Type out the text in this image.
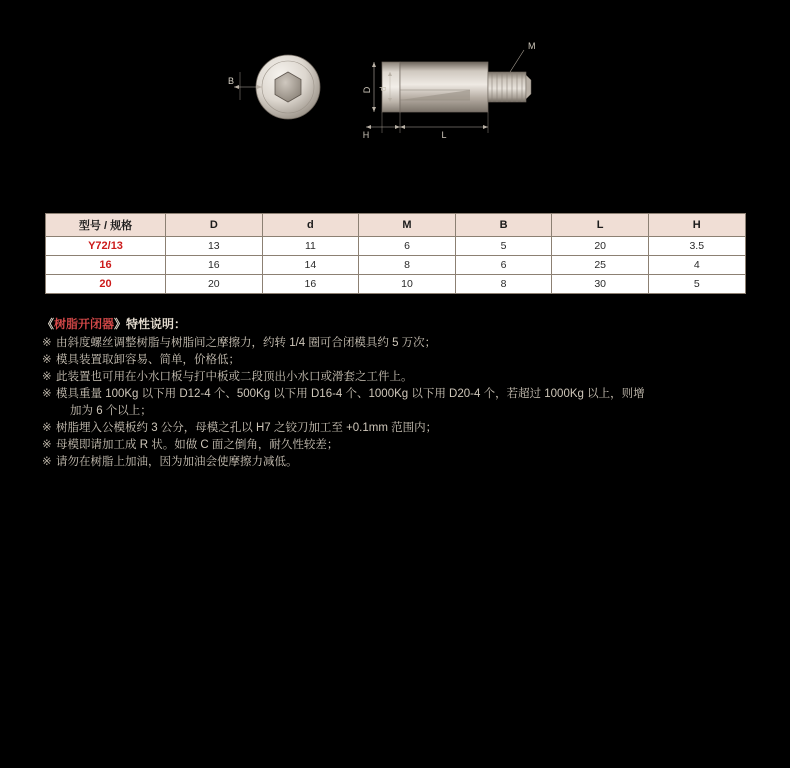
B
M
D d
H	L
型号 / 规格	D	d	M	B	L	H
Y72/13	13	11	6	5	20	3.5
16	16	14	8	6	25	4
20	20	16	10	8	30	5
《树脂开闭器》特性说明：
※ 由斜度螺丝调整树脂与树脂间之摩擦力，约转 1/4 圈可合闭模具约 5 万次；
※ 模具装置取卸容易、简单，价格低；
※ 此装置也可用在小水口板与打中板或二段顶出小水口或滑套之工件上。
※ 模具重量 100Kg 以下用 D12-4 个、500Kg 以下用 D16-4 个、1000Kg 以下用 D20-4 个，若超过 1000Kg 以上，则增
加为 6 个以上；
※ 树脂埋入公模板约 3 公分，母模之孔以 H7 之铰刀加工至 +0.1mm 范围内；
※ 母模即请加工成 R 状。如做 C 面之倒角，耐久性较差；
※ 请勿在树脂上加油，因为加油会使摩擦力减低。
